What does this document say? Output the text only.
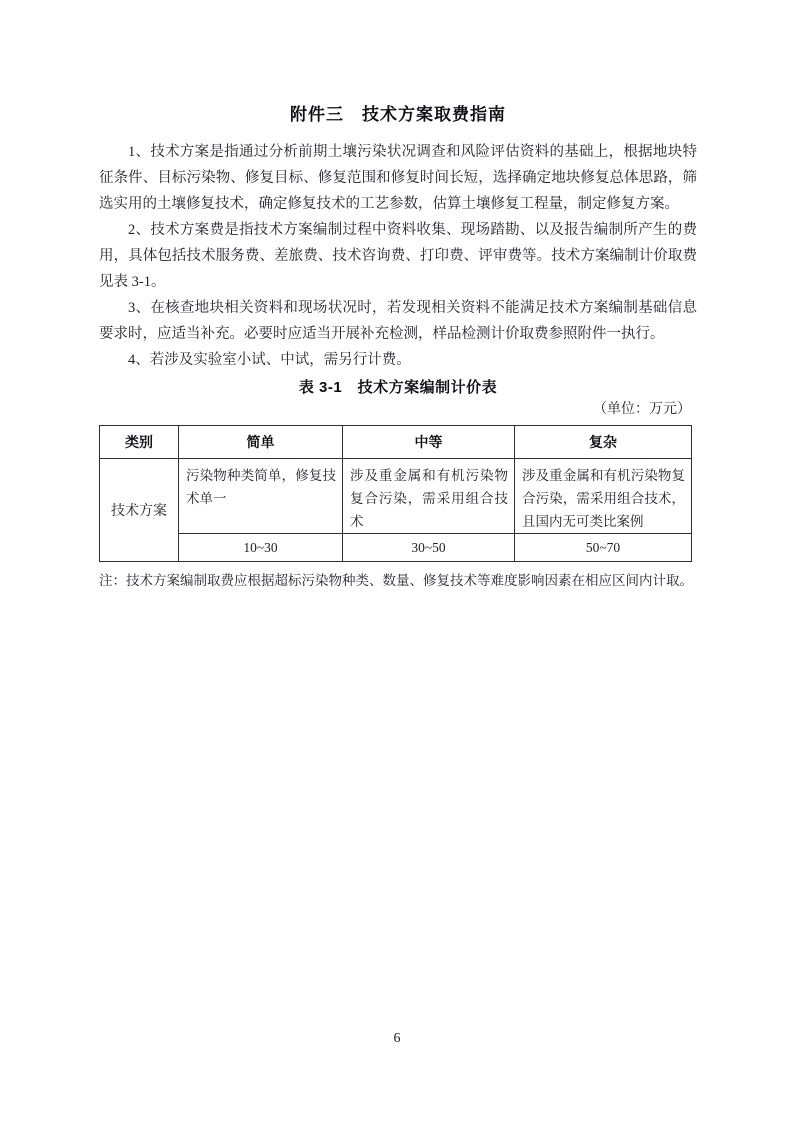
附件三　技术方案取费指南

1、技术方案是指通过分析前期土壤污染状况调查和风险评估资料的基础上，根据地块特征条件、目标污染物、修复目标、修复范围和修复时间长短，选择确定地块修复总体思路，筛选实用的土壤修复技术，确定修复技术的工艺参数，估算土壤修复工程量，制定修复方案。

2、技术方案费是指技术方案编制过程中资料收集、现场踏勘、以及报告编制所产生的费用，具体包括技术服务费、差旅费、技术咨询费、打印费、评审费等。技术方案编制计价取费见表 3-1。

3、在核查地块相关资料和现场状况时，若发现相关资料不能满足技术方案编制基础信息要求时，应适当补充。必要时应适当开展补充检测，样品检测计价取费参照附件一执行。

4、若涉及实验室小试、中试，需另行计费。

表 3-1　技术方案编制计价表
（单位：万元）
类别	简单	中等	复杂
技术方案	污染物种类简单，修复技术单一	涉及重金属和有机污染物复合污染，需采用组合技术	涉及重金属和有机污染物复合污染，需采用组合技术，且国内无可类比案例
	10~30	30~50	50~70

注：技术方案编制取费应根据超标污染物种类、数量、修复技术等难度影响因素在相应区间内计取。

6
